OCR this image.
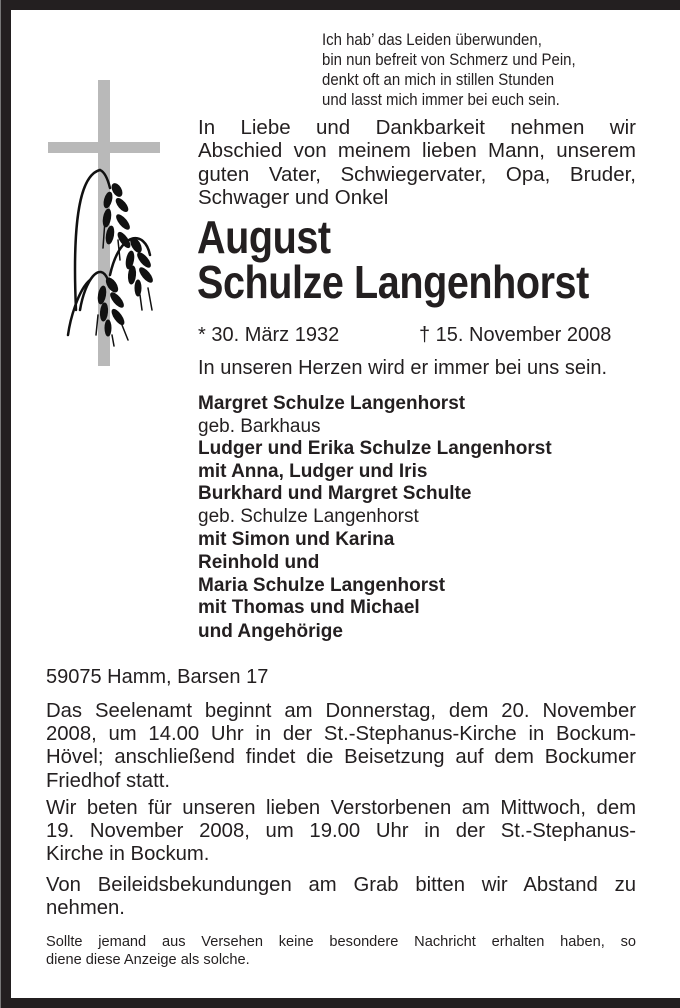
Ich hab’ das Leiden überwunden,
bin nun befreit von Schmerz und Pein,
denkt oft an mich in stillen Stunden
und lasst mich immer bei euch sein.
In Liebe und Dankbarkeit nehmen wir
Abschied von meinem lieben Mann, unserem
guten Vater, Schwiegervater, Opa, Bruder,
Schwager und Onkel
August
Schulze Langenhorst
* 30. März 1932	† 15. November 2008
In unseren Herzen wird er immer bei uns sein.
Margret Schulze Langenhorst
geb. Barkhaus
Ludger und Erika Schulze Langenhorst
mit Anna, Ludger und Iris
Burkhard und Margret Schulte
geb. Schulze Langenhorst
mit Simon und Karina
Reinhold und
Maria Schulze Langenhorst
mit Thomas und Michael
und Angehörige
59075 Hamm, Barsen 17
Das Seelenamt beginnt am Donnerstag, dem 20. November
2008, um 14.00 Uhr in der St.-Stephanus-Kirche in Bockum-
Hövel; anschließend findet die Beisetzung auf dem Bockumer
Friedhof statt.
Wir beten für unseren lieben Verstorbenen am Mittwoch, dem
19. November 2008, um 19.00 Uhr in der St.-Stephanus-
Kirche in Bockum.
Von Beileidsbekundungen am Grab bitten wir Abstand zu
nehmen.
Sollte jemand aus Versehen keine besondere Nachricht erhalten haben, so
diene diese Anzeige als solche.
